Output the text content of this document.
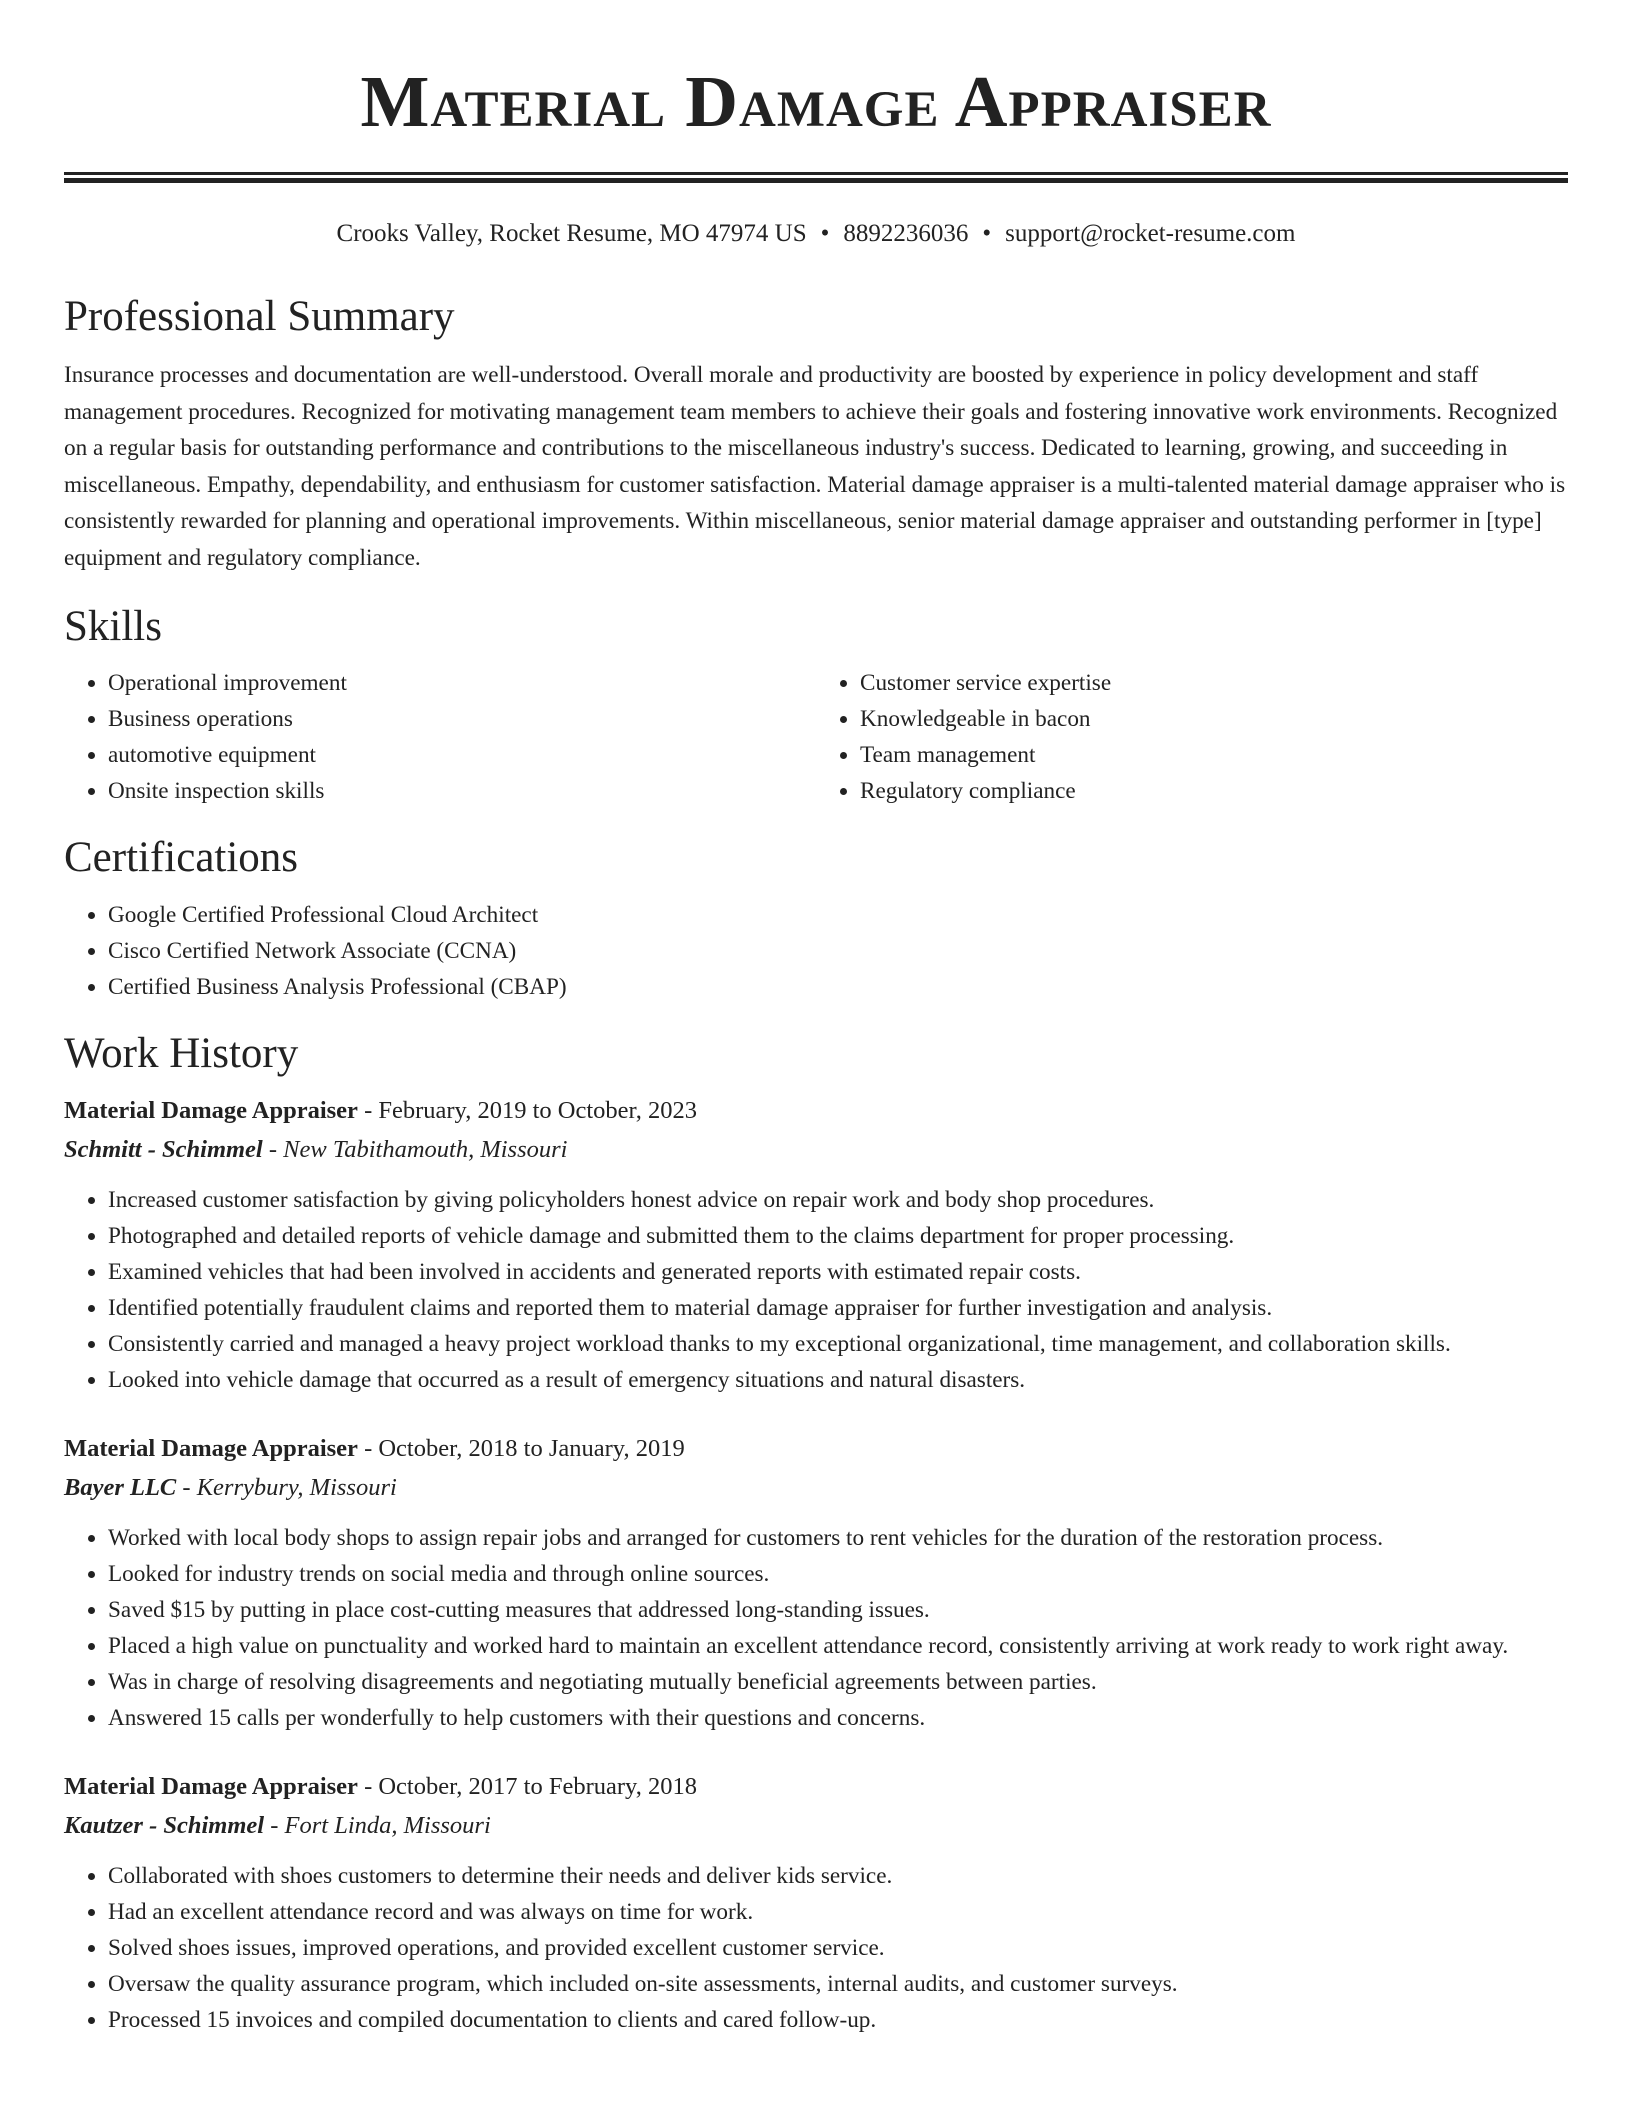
Material Damage Appraiser
Crooks Valley, Rocket Resume, MO 47974 US • 8892236036 • support@rocket-resume.com
Professional Summary
Insurance processes and documentation are well-understood. Overall morale and productivity are boosted by experience in policy development and staff management procedures. Recognized for motivating management team members to achieve their goals and fostering innovative work environments. Recognized on a regular basis for outstanding performance and contributions to the miscellaneous industry's success. Dedicated to learning, growing, and succeeding in miscellaneous. Empathy, dependability, and enthusiasm for customer satisfaction. Material damage appraiser is a multi-talented material damage appraiser who is consistently rewarded for planning and operational improvements. Within miscellaneous, senior material damage appraiser and outstanding performer in [type] equipment and regulatory compliance.
Skills
• Operational improvement
• Business operations
• automotive equipment
• Onsite inspection skills
• Customer service expertise
• Knowledgeable in bacon
• Team management
• Regulatory compliance
Certifications
• Google Certified Professional Cloud Architect
• Cisco Certified Network Associate (CCNA)
• Certified Business Analysis Professional (CBAP)
Work History
Material Damage Appraiser - February, 2019 to October, 2023
Schmitt - Schimmel - New Tabithamouth, Missouri
• Increased customer satisfaction by giving policyholders honest advice on repair work and body shop procedures.
• Photographed and detailed reports of vehicle damage and submitted them to the claims department for proper processing.
• Examined vehicles that had been involved in accidents and generated reports with estimated repair costs.
• Identified potentially fraudulent claims and reported them to material damage appraiser for further investigation and analysis.
• Consistently carried and managed a heavy project workload thanks to my exceptional organizational, time management, and collaboration skills.
• Looked into vehicle damage that occurred as a result of emergency situations and natural disasters.
Material Damage Appraiser - October, 2018 to January, 2019
Bayer LLC - Kerrybury, Missouri
• Worked with local body shops to assign repair jobs and arranged for customers to rent vehicles for the duration of the restoration process.
• Looked for industry trends on social media and through online sources.
• Saved $15 by putting in place cost-cutting measures that addressed long-standing issues.
• Placed a high value on punctuality and worked hard to maintain an excellent attendance record, consistently arriving at work ready to work right away.
• Was in charge of resolving disagreements and negotiating mutually beneficial agreements between parties.
• Answered 15 calls per wonderfully to help customers with their questions and concerns.
Material Damage Appraiser - October, 2017 to February, 2018
Kautzer - Schimmel - Fort Linda, Missouri
• Collaborated with shoes customers to determine their needs and deliver kids service.
• Had an excellent attendance record and was always on time for work.
• Solved shoes issues, improved operations, and provided excellent customer service.
• Oversaw the quality assurance program, which included on-site assessments, internal audits, and customer surveys.
• Processed 15 invoices and compiled documentation to clients and cared follow-up.
